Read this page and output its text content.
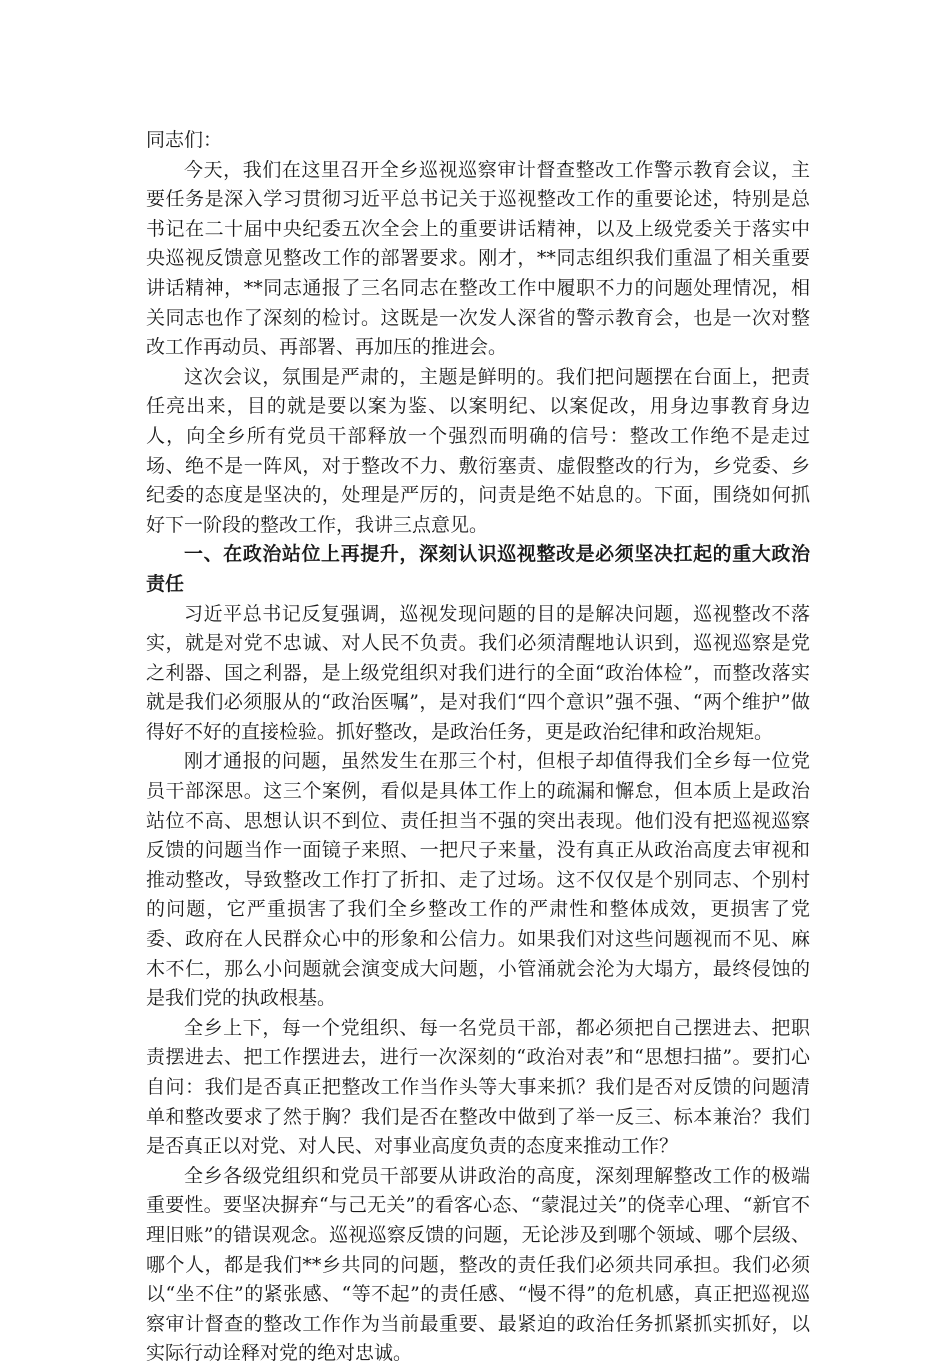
同志们：

今天，我们在这里召开全乡巡视巡察审计督查整改工作警示教育会议，主要任务是深入学习贯彻习近平总书记关于巡视整改工作的重要论述，特别是总书记在二十届中央纪委五次全会上的重要讲话精神，以及上级党委关于落实中央巡视反馈意见整改工作的部署要求。刚才，**同志组织我们重温了相关重要讲话精神，**同志通报了三名同志在整改工作中履职不力的问题处理情况，相关同志也作了深刻的检讨。这既是一次发人深省的警示教育会，也是一次对整改工作再动员、再部署、再加压的推进会。

这次会议，氛围是严肃的，主题是鲜明的。我们把问题摆在台面上，把责任亮出来，目的就是要以案为鉴、以案明纪、以案促改，用身边事教育身边人，向全乡所有党员干部释放一个强烈而明确的信号：整改工作绝不是走过场、绝不是一阵风，对于整改不力、敷衍塞责、虚假整改的行为，乡党委、乡纪委的态度是坚决的，处理是严厉的，问责是绝不姑息的。下面，围绕如何抓好下一阶段的整改工作，我讲三点意见。

一、在政治站位上再提升，深刻认识巡视整改是必须坚决扛起的重大政治责任

习近平总书记反复强调，巡视发现问题的目的是解决问题，巡视整改不落实，就是对党不忠诚、对人民不负责。我们必须清醒地认识到，巡视巡察是党之利器、国之利器，是上级党组织对我们进行的全面“政治体检”，而整改落实就是我们必须服从的“政治医嘱”，是对我们“四个意识”强不强、“两个维护”做得好不好的直接检验。抓好整改，是政治任务，更是政治纪律和政治规矩。

刚才通报的问题，虽然发生在那三个村，但根子却值得我们全乡每一位党员干部深思。这三个案例，看似是具体工作上的疏漏和懈怠，但本质上是政治站位不高、思想认识不到位、责任担当不强的突出表现。他们没有把巡视巡察反馈的问题当作一面镜子来照、一把尺子来量，没有真正从政治高度去审视和推动整改，导致整改工作打了折扣、走了过场。这不仅仅是个别同志、个别村的问题，它严重损害了我们全乡整改工作的严肃性和整体成效，更损害了党委、政府在人民群众心中的形象和公信力。如果我们对这些问题视而不见、麻木不仁，那么小问题就会演变成大问题，小管涌就会沦为大塌方，最终侵蚀的是我们党的执政根基。

全乡上下，每一个党组织、每一名党员干部，都必须把自己摆进去、把职责摆进去、把工作摆进去，进行一次深刻的“政治对表”和“思想扫描”。要扪心自问：我们是否真正把整改工作当作头等大事来抓？我们是否对反馈的问题清单和整改要求了然于胸？我们是否在整改中做到了举一反三、标本兼治？我们是否真正以对党、对人民、对事业高度负责的态度来推动工作？

全乡各级党组织和党员干部要从讲政治的高度，深刻理解整改工作的极端重要性。要坚决摒弃“与己无关”的看客心态、“蒙混过关”的侥幸心理、“新官不理旧账”的错误观念。巡视巡察反馈的问题，无论涉及到哪个领域、哪个层级、哪个人，都是我们**乡共同的问题，整改的责任我们必须共同承担。我们必须以“坐不住”的紧张感、“等不起”的责任感、“慢不得”的危机感，真正把巡视巡察审计督查的整改工作作为当前最重要、最紧迫的政治任务抓紧抓实抓好，以实际行动诠释对党的绝对忠诚。
